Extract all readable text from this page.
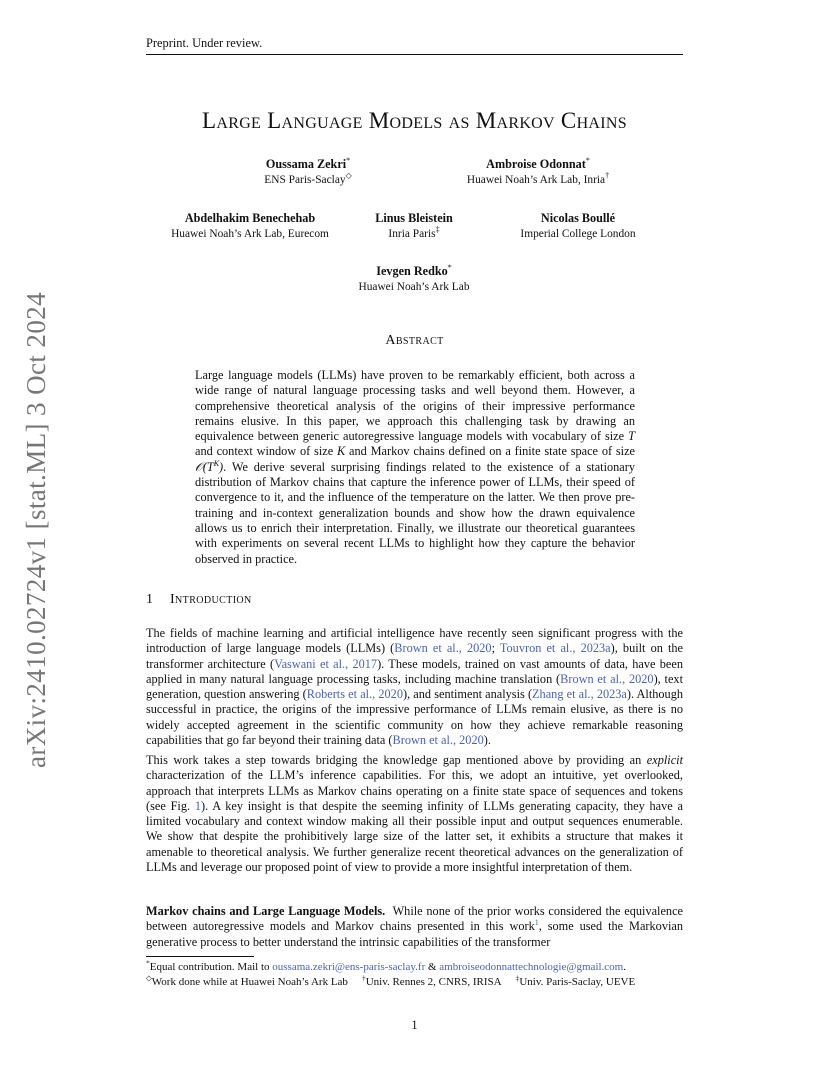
Preprint. Under review.
arXiv:2410.02724v1 [stat.ML] 3 Oct 2024
Large Language Models as Markov Chains
Oussama Zekri*
ENS Paris-Saclay◇
Ambroise Odonnat*
Huawei Noah’s Ark Lab, Inria†
Abdelhakim Benechehab
Huawei Noah’s Ark Lab, Eurecom
Linus Bleistein
Inria Paris‡
Nicolas Boullé
Imperial College London
Ievgen Redko*
Huawei Noah’s Ark Lab
Abstract
Large language models (LLMs) have proven to be remarkably efficient, both across a wide range of natural language processing tasks and well beyond them. However, a comprehensive theoretical analysis of the origins of their impressive performance remains elusive. In this paper, we approach this challenging task by drawing an equivalence between generic autoregressive language models with vocabulary of size T and context window of size K and Markov chains defined on a finite state space of size $𝒪(T^K)$. We derive several surprising findings related to the existence of a stationary distribution of Markov chains that capture the inference power of LLMs, their speed of convergence to it, and the influence of the temperature on the latter. We then prove pre-training and in-context generalization bounds and show how the drawn equivalence allows us to enrich their interpretation. Finally, we illustrate our theoretical guarantees with experiments on several recent LLMs to highlight how they capture the behavior observed in practice.
1 Introduction
The fields of machine learning and artificial intelligence have recently seen significant progress with the introduction of large language models (LLMs) (Brown et al., 2020; Touvron et al., 2023a), built on the transformer architecture (Vaswani et al., 2017). These models, trained on vast amounts of data, have been applied in many natural language processing tasks, including machine translation (Brown et al., 2020), text generation, question answering (Roberts et al., 2020), and sentiment analysis (Zhang et al., 2023a). Although successful in practice, the origins of the impressive performance of LLMs remain elusive, as there is no widely accepted agreement in the scientific community on how they achieve remarkable reasoning capabilities that go far beyond their training data (Brown et al., 2020).
This work takes a step towards bridging the knowledge gap mentioned above by providing an explicit characterization of the LLM’s inference capabilities. For this, we adopt an intuitive, yet overlooked, approach that interprets LLMs as Markov chains operating on a finite state space of sequences and tokens (see Fig. 1). A key insight is that despite the seeming infinity of LLMs generating capacity, they have a limited vocabulary and context window making all their possible input and output sequences enumerable. We show that despite the prohibitively large size of the latter set, it exhibits a structure that makes it amenable to theoretical analysis. We further generalize recent theoretical advances on the generalization of LLMs and leverage our proposed point of view to provide a more insightful interpretation of them.
Markov chains and Large Language Models.  While none of the prior works considered the equivalence between autoregressive models and Markov chains presented in this work$^1$, some used the Markovian generative process to better understand the intrinsic capabilities of the transformer
*Equal contribution. Mail to oussama.zekri@ens-paris-saclay.fr & ambroiseodonnattechnologie@gmail.com.
◇Work done while at Huawei Noah’s Ark Lab †Univ. Rennes 2, CNRS, IRISA ‡Univ. Paris-Saclay, UEVE
1
